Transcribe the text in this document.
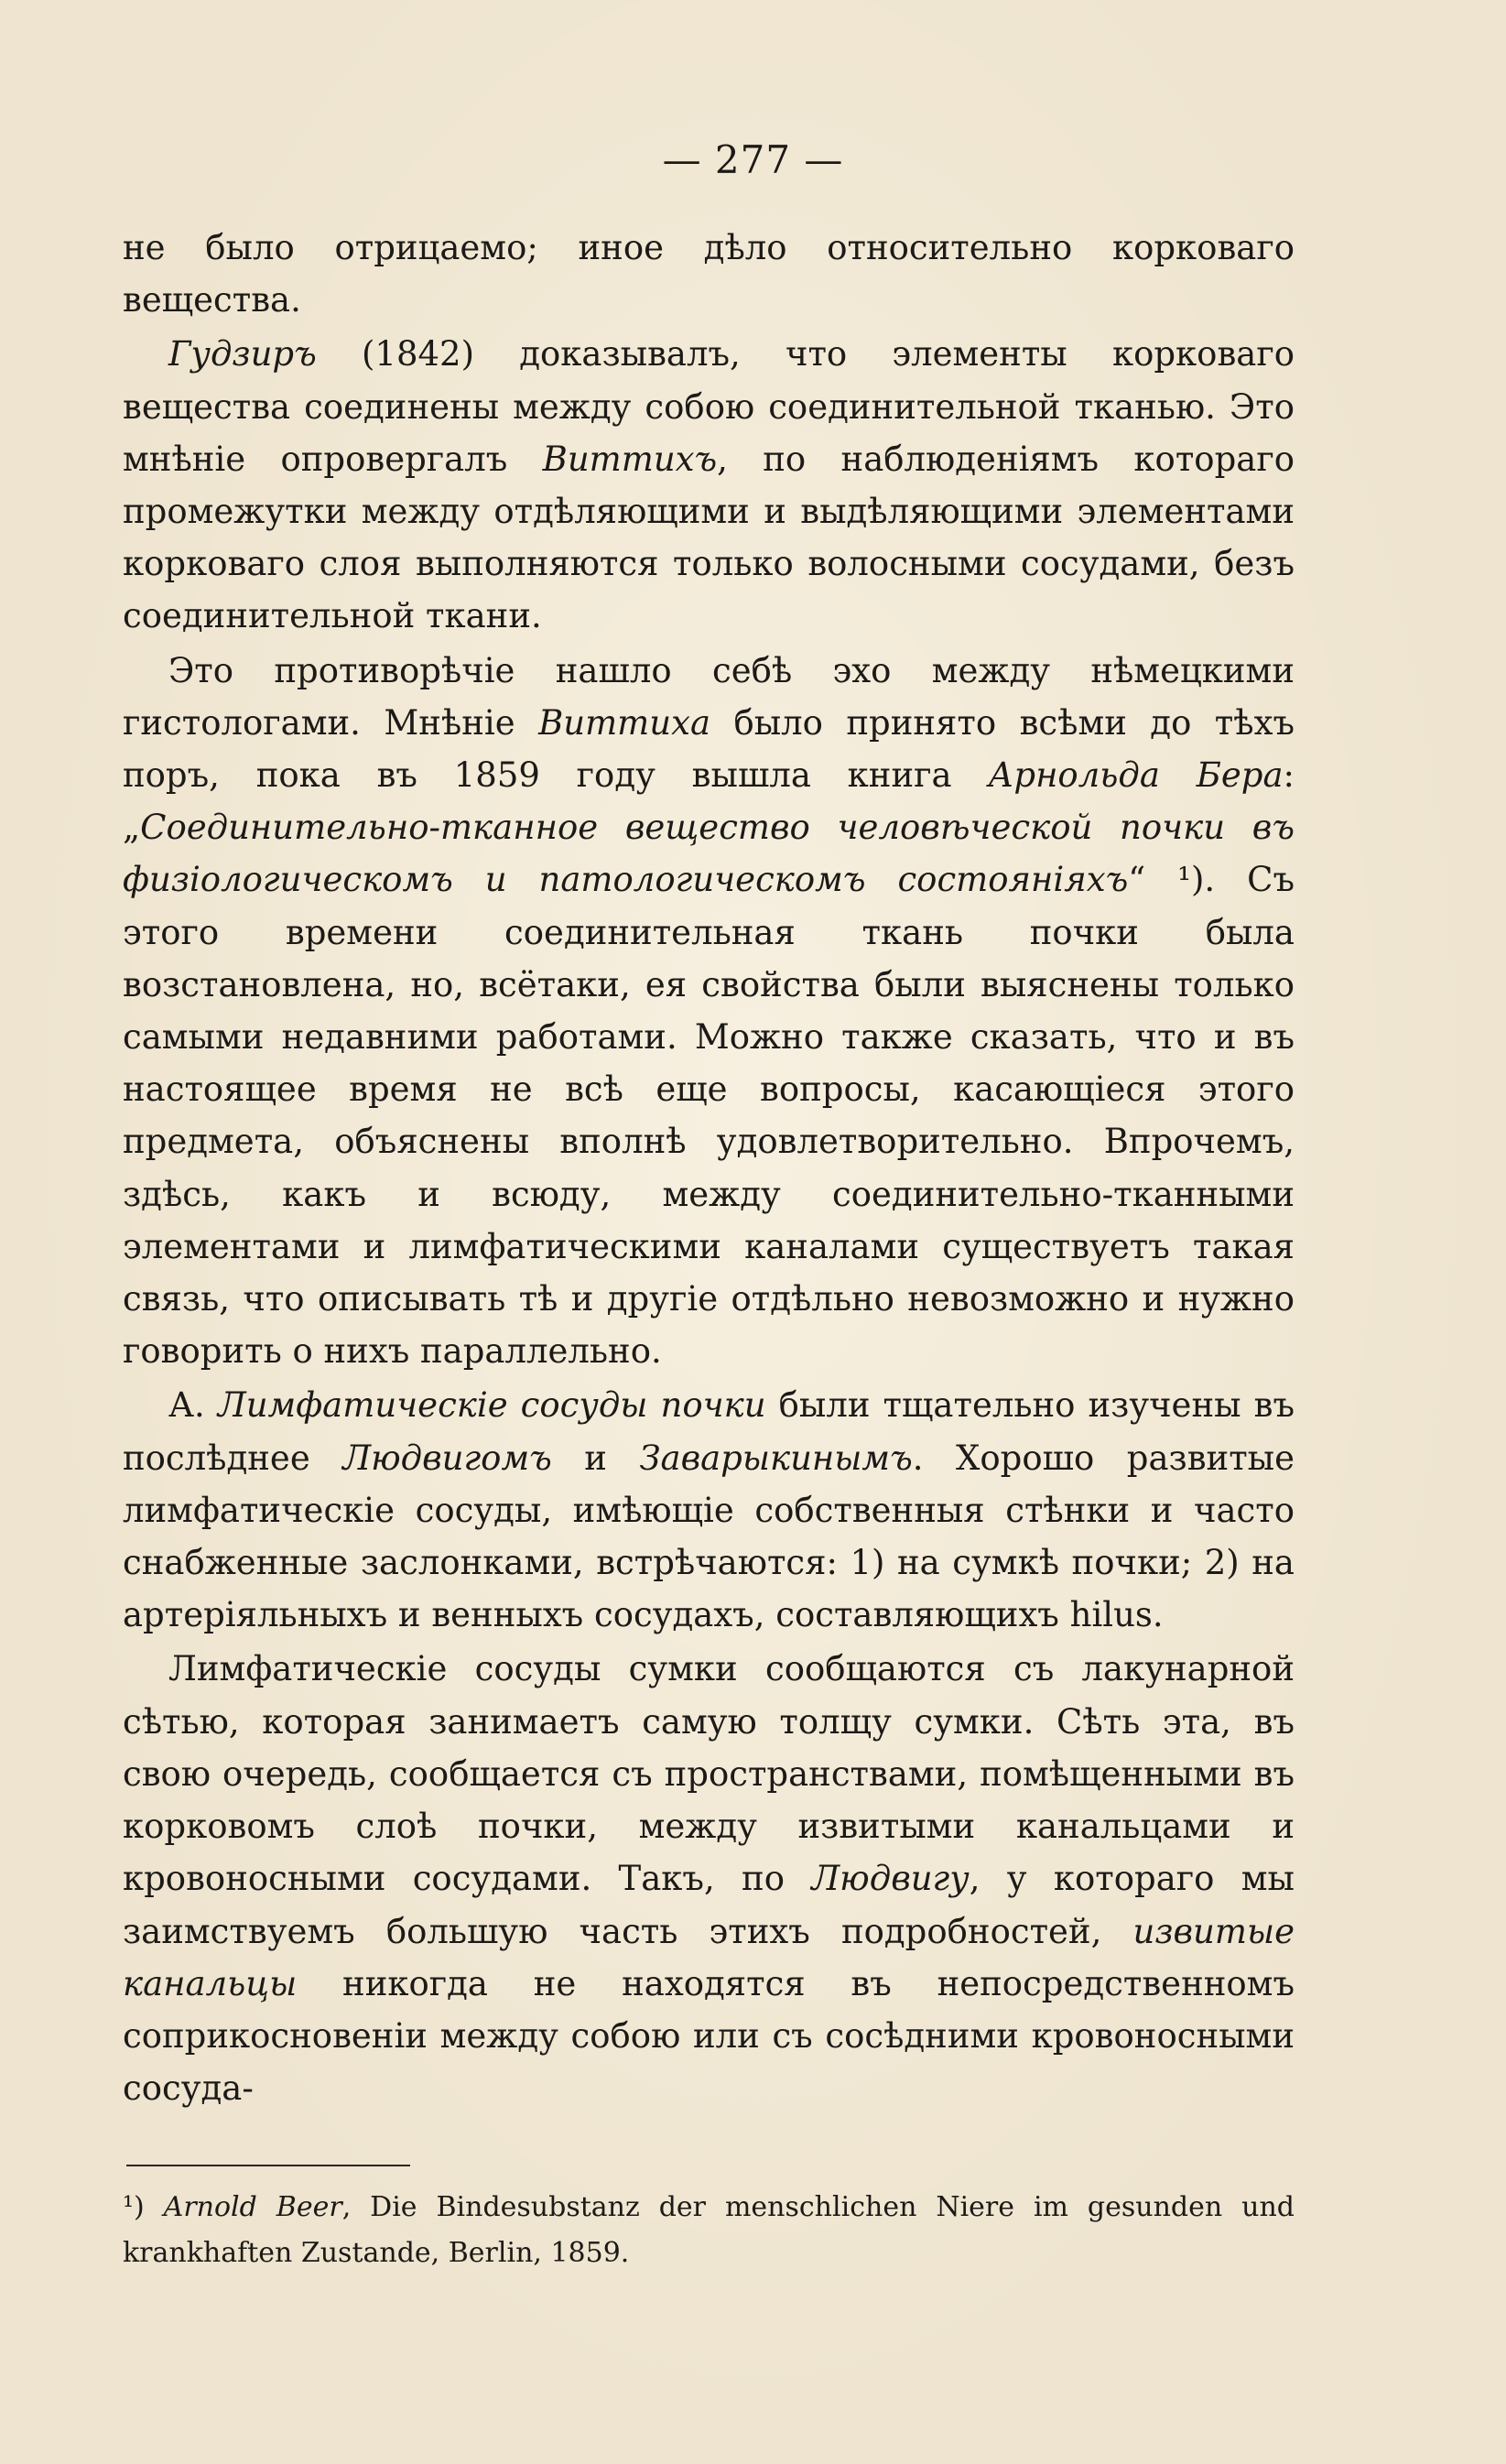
— 277 —

не было отрицаемо; иное дѣло относительно корковаго вещества.

Гудзиръ (1842) доказывалъ, что элементы корковаго вещества соединены между собою соединительной тканью. Это мнѣніе опровергалъ Виттихъ, по наблюденіямъ котораго промежутки между отдѣляющими и выдѣляющими элементами корковаго слоя выполняются только волосными сосудами, безъ соединительной ткани.

Это противорѣчіе нашло себѣ эхо между нѣмецкими гистологами. Мнѣніе Виттиха было принято всѣми до тѣхъ поръ, пока въ 1859 году вышла книга Арнольда Бера: „Соединительно-тканное вещество человѣческой почки въ физіологическомъ и патологическомъ состояніяхъ“ ¹). Съ этого времени соединительная ткань почки была возстановлена, но, всётаки, ея свойства были выяснены только самыми недавними работами. Можно также сказать, что и въ настоящее время не всѣ еще вопросы, касающіеся этого предмета, объяснены вполнѣ удовлетворительно. Впрочемъ, здѣсь, какъ и всюду, между соединительно-тканными элементами и лимфатическими каналами существуетъ такая связь, что описывать тѣ и другіе отдѣльно невозможно и нужно говорить о нихъ параллельно.

А. Лимфатическіе сосуды почки были тщательно изучены въ послѣднее Людвигомъ и Заварыкинымъ. Хорошо развитые лимфатическіе сосуды, имѣющіе собственныя стѣнки и часто снабженные заслонками, встрѣчаются: 1) на сумкѣ почки; 2) на артеріяльныхъ и венныхъ сосудахъ, составляющихъ hilus.

Лимфатическіе сосуды сумки сообщаются съ лакунарной сѣтью, которая занимаетъ самую толщу сумки. Сѣть эта, въ свою очередь, сообщается съ пространствами, помѣщенными въ корковомъ слоѣ почки, между извитыми канальцами и кровоносными сосудами. Такъ, по Людвигу, у котораго мы заимствуемъ большую часть этихъ подробностей, извитые канальцы никогда не находятся въ непосредственномъ соприкосновеніи между собою или съ сосѣдними кровоносными сосуда-

¹) Arnold Beer, Die Bindesubstanz der menschlichen Niere im gesunden und krankhaften Zustande, Berlin, 1859.
